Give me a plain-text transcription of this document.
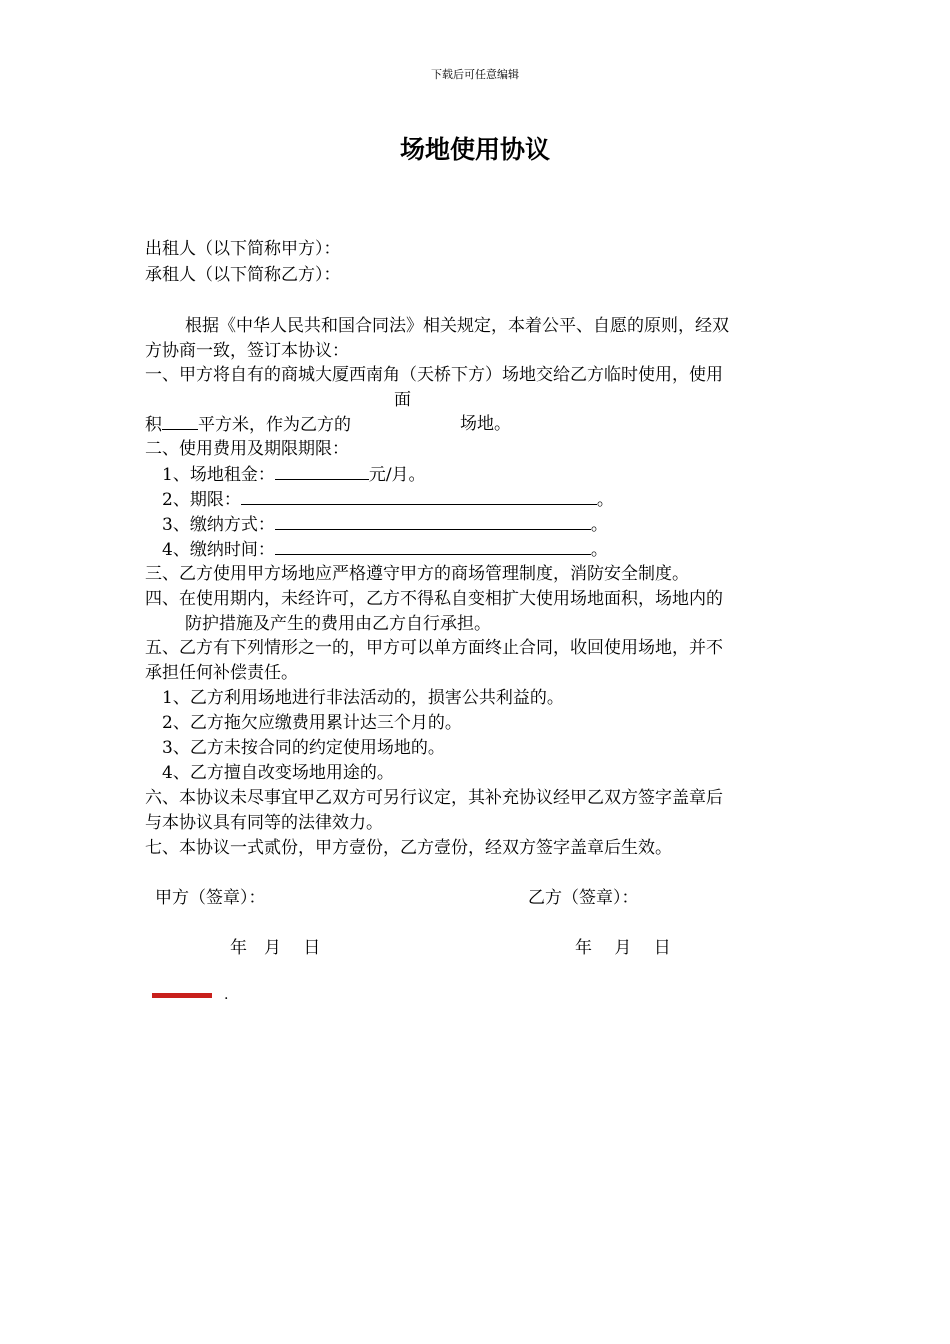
下载后可任意编辑
场地使用协议
出租人（以下简称甲方）：
承租人（以下简称乙方）：
根据《中华人民共和国合同法》相关规定，本着公平、自愿的原则，经双
方协商一致，签订本协议：
一、甲方将自有的商城大厦西南角（天桥下方）场地交给乙方临时使用，使用
面
积 平方米，作为乙方的	场地。
二、使用费用及期限期限：
1、场地租金：	元/月。
2、期限：	。
3、缴纳方式：	。
4、缴纳时间：	。
三、乙方使用甲方场地应严格遵守甲方的商场管理制度，消防安全制度。
四、在使用期内，未经许可，乙方不得私自变相扩大使用场地面积，场地内的
防护措施及产生的费用由乙方自行承担。
五、乙方有下列情形之一的，甲方可以单方面终止合同，收回使用场地，并不
承担任何补偿责任。
1、乙方利用场地进行非法活动的，损害公共利益的。
2、乙方拖欠应缴费用累计达三个月的。
3、乙方未按合同的约定使用场地的。
4、乙方擅自改变场地用途的。
六、本协议未尽事宜甲乙双方可另行议定，其补充协议经甲乙双方签字盖章后
与本协议具有同等的法律效力。
七、本协议一式贰份，甲方壹份，乙方壹份，经双方签字盖章后生效。
甲方（签章）：	乙方（签章）：
年　月　 日	年　 月　 日
.
